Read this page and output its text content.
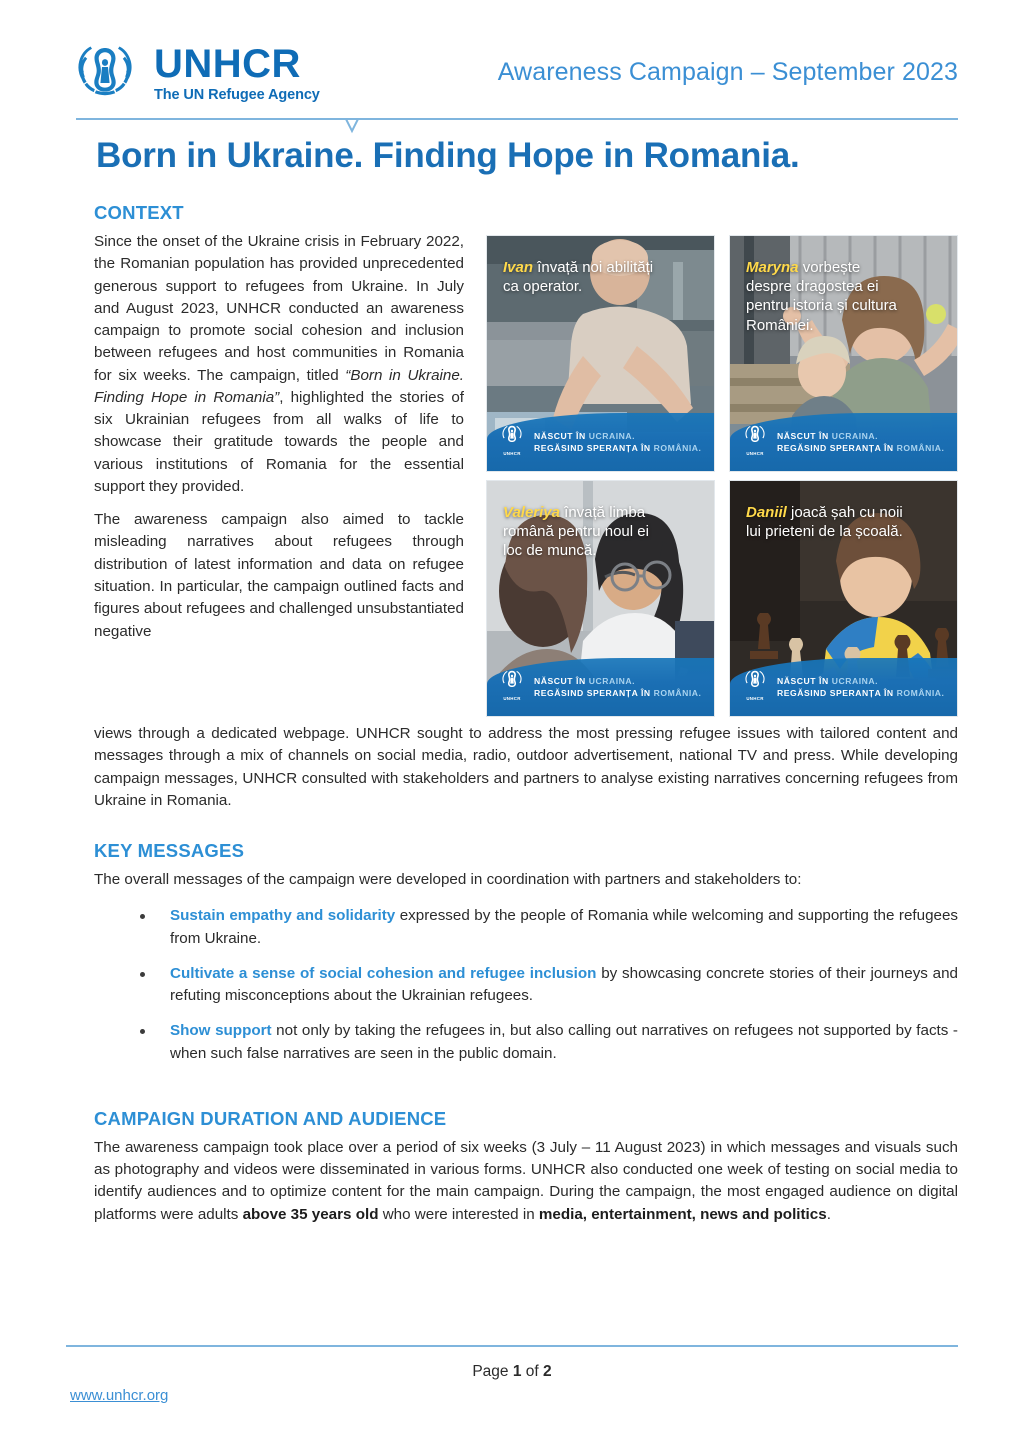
UNHCR
The UN Refugee Agency
Awareness Campaign – September 2023
Born in Ukraine. Finding Hope in Romania.
CONTEXT
Ivan învață noi abilități ca operator.
UNHCR
NĂSCUT ÎN UCRAINA.
REGĂSIND SPERANȚA ÎN ROMÂNIA.
Maryna vorbește despre dragostea ei pentru istoria și cultura României.
UNHCR
NĂSCUT ÎN UCRAINA.
REGĂSIND SPERANȚA ÎN ROMÂNIA.
Valeriya învață limba română pentru noul ei loc de muncă.
UNHCR
NĂSCUT ÎN UCRAINA.
REGĂSIND SPERANȚA ÎN ROMÂNIA.
Daniil joacă șah cu noii lui prieteni de la școală.
UNHCR
NĂSCUT ÎN UCRAINA.
REGĂSIND SPERANȚA ÎN ROMÂNIA.

Since the onset of the Ukraine crisis in February 2022, the Romanian population has provided unprecedented generous support to refugees from Ukraine. In July and August 2023, UNHCR conducted an awareness campaign to promote social cohesion and inclusion between refugees and host communities in Romania for six weeks. The campaign, titled “Born in Ukraine. Finding Hope in Romania”, highlighted the stories of six Ukrainian refugees from all walks of life to showcase their gratitude towards the people and various institutions of Romania for the essential support they provided.

The awareness campaign also aimed to tackle misleading narratives about refugees through distribution of latest information and data on refugee situation. In particular, the campaign outlined facts and figures about refugees and challenged unsubstantiated negative

views through a dedicated webpage. UNHCR sought to address the most pressing refugee issues with tailored content and messages through a mix of channels on social media, radio, outdoor advertisement, national TV and press. While developing campaign messages, UNHCR consulted with stakeholders and partners to analyse existing narratives concerning refugees from Ukraine in Romania.

KEY MESSAGES

The overall messages of the campaign were developed in coordination with partners and stakeholders to:

Sustain empathy and solidarity expressed by the people of Romania while welcoming and supporting the refugees from Ukraine.
Cultivate a sense of social cohesion and refugee inclusion by showcasing concrete stories of their journeys and refuting misconceptions about the Ukrainian refugees.
Show support not only by taking the refugees in, but also calling out narratives on refugees not supported by facts - when such false narratives are seen in the public domain.
CAMPAIGN DURATION AND AUDIENCE

The awareness campaign took place over a period of six weeks (3 July – 11 August 2023) in which messages and visuals such as photography and videos were disseminated in various forms. UNHCR also conducted one week of testing on social media to identify audiences and to optimize content for the main campaign. During the campaign, the most engaged audience on digital platforms were adults above 35 years old who were interested in media, entertainment, news and politics.

Page 1 of 2
www.unhcr.org
